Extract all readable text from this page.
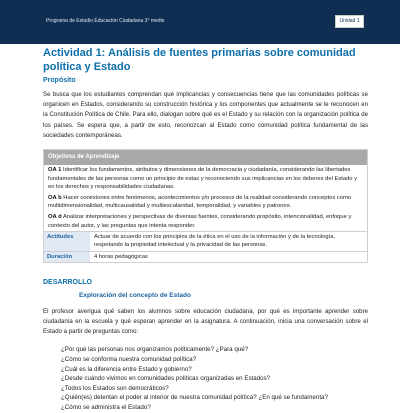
Programa de Estudio Educación Ciudadana 3° medio	Unidad 1
Actividad 1: Análisis de fuentes primarias sobre comunidad política y Estado
Propósito

Se busca que los estudiantes comprendan qué implicancias y consecuencias tiene que las comunidades políticas se organicen en Estados, considerando su construcción histórica y los componentes que actualmente se le reconocen en la Constitución Política de Chile. Para ello, dialogan sobre qué es el Estado y su relación con la organización política de los países. Se espera que, a partir de esto, reconozcan al Estado como comunidad política fundamental de las sociedades contemporáneas.

Objetivos de Aprendizaje
OA 1 Identificar los fundamentos, atributos y dimensiones de la democracia y ciudadanía, considerando las libertades fundamentales de las personas como un principio de estas y reconociendo sus implicancias en los deberes del Estado y en los derechos y responsabilidades ciudadanas.
OA b Hacer conexiones entre fenómenos, acontecimientos y/o procesos de la realidad considerando conceptos como multidimensionalidad, multicausalidad y multiescalaridad, temporalidad, y variables y patrones.
OA d Analizar interpretaciones y perspectivas de diversas fuentes, considerando propósito, intencionalidad, enfoque y contexto del autor, y las preguntas que intenta responder.
Actitudes	Actuar de acuerdo con los principios de la ética en el uso de la información y de la tecnología, respetando la propiedad intelectual y la privacidad de las personas.
Duración	4 horas pedagógicas
DESARROLLO
Exploración del concepto de Estado

El profesor averigua qué saben los alumnos sobre educación ciudadana, por qué es importante aprender sobre ciudadanía en la escuela y qué esperan aprender en la asignatura. A continuación, inicia una conversación sobre el Estado a partir de preguntas como:

¿Por qué las personas nos organizamos políticamente? ¿Para qué?
¿Cómo se conforma nuestra comunidad política?
¿Cuál es la diferencia entre Estado y gobierno?
¿Desde cuándo vivimos en comunidades políticas organizadas en Estados?
¿Todos los Estados son democráticos?
¿Quién(es) detentan el poder al interior de nuestra comunidad política? ¿En qué se fundamenta?
¿Cómo se administra el Estado?
